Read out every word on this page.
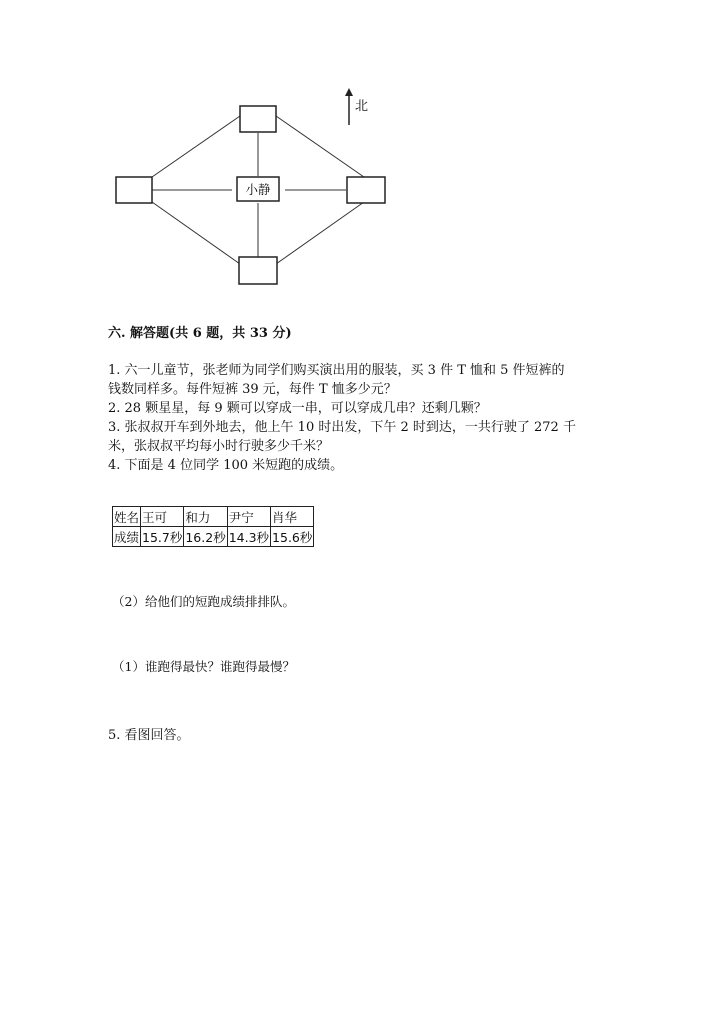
小静
北
六. 解答题(共 6 题，共 33 分)
1. 六一儿童节，张老师为同学们购买演出用的服装，买 3 件 T 恤和 5 件短裤的
钱数同样多。每件短裤 39 元，每件 T 恤多少元？
2. 28 颗星星，每 9 颗可以穿成一串，可以穿成几串？还剩几颗？
3. 张叔叔开车到外地去，他上午 10 时出发，下午 2 时到达，一共行驶了 272 千
米，张叔叔平均每小时行驶多少千米？
4. 下面是 4 位同学 100 米短跑的成绩。
姓名	王可	和力	尹宁	肖华
成绩	15.7秒	16.2秒	14.3秒	15.6秒
（2）给他们的短跑成绩排排队。
（1）谁跑得最快？谁跑得最慢？
5. 看图回答。
